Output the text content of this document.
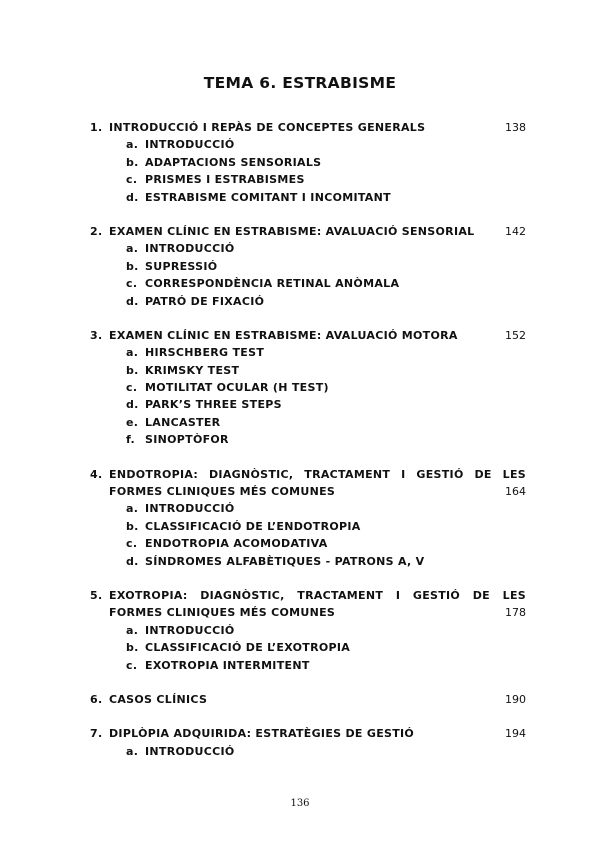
TEMA 6. ESTRABISME
1. INTRODUCCIÓ I REPÀS DE CONCEPTES GENERALS	138
a. INTRODUCCIÓ
b. ADAPTACIONS SENSORIALS
c. PRISMES I ESTRABISMES
d. ESTRABISME COMITANT I INCOMITANT
2. EXAMEN CLÍNIC EN ESTRABISME: AVALUACIÓ SENSORIAL	142
a. INTRODUCCIÓ
b. SUPRESSIÓ
c. CORRESPONDÈNCIA RETINAL ANÒMALA
d. PATRÓ DE FIXACIÓ
3. EXAMEN CLÍNIC EN ESTRABISME: AVALUACIÓ MOTORA	152
a. HIRSCHBERG TEST
b. KRIMSKY TEST
c. MOTILITAT OCULAR (H TEST)
d. PARK’S THREE STEPS
e. LANCASTER
f. SINOPTÒFOR
4. ENDOTROPIA: DIAGNÒSTIC, TRACTAMENT I GESTIÓ DE LES
FORMES CLINIQUES MÉS COMUNES	164
a. INTRODUCCIÓ
b. CLASSIFICACIÓ DE L’ENDOTROPIA
c. ENDOTROPIA ACOMODATIVA
d. SÍNDROMES ALFABÈTIQUES - PATRONS A, V
5. EXOTROPIA: DIAGNÒSTIC, TRACTAMENT I GESTIÓ DE LES
FORMES CLINIQUES MÉS COMUNES	178
a. INTRODUCCIÓ
b. CLASSIFICACIÓ DE L’EXOTROPIA
c. EXOTROPIA INTERMITENT
6. CASOS CLÍNICS	190
7. DIPLÒPIA ADQUIRIDA: ESTRATÈGIES DE GESTIÓ	194
a. INTRODUCCIÓ
136
